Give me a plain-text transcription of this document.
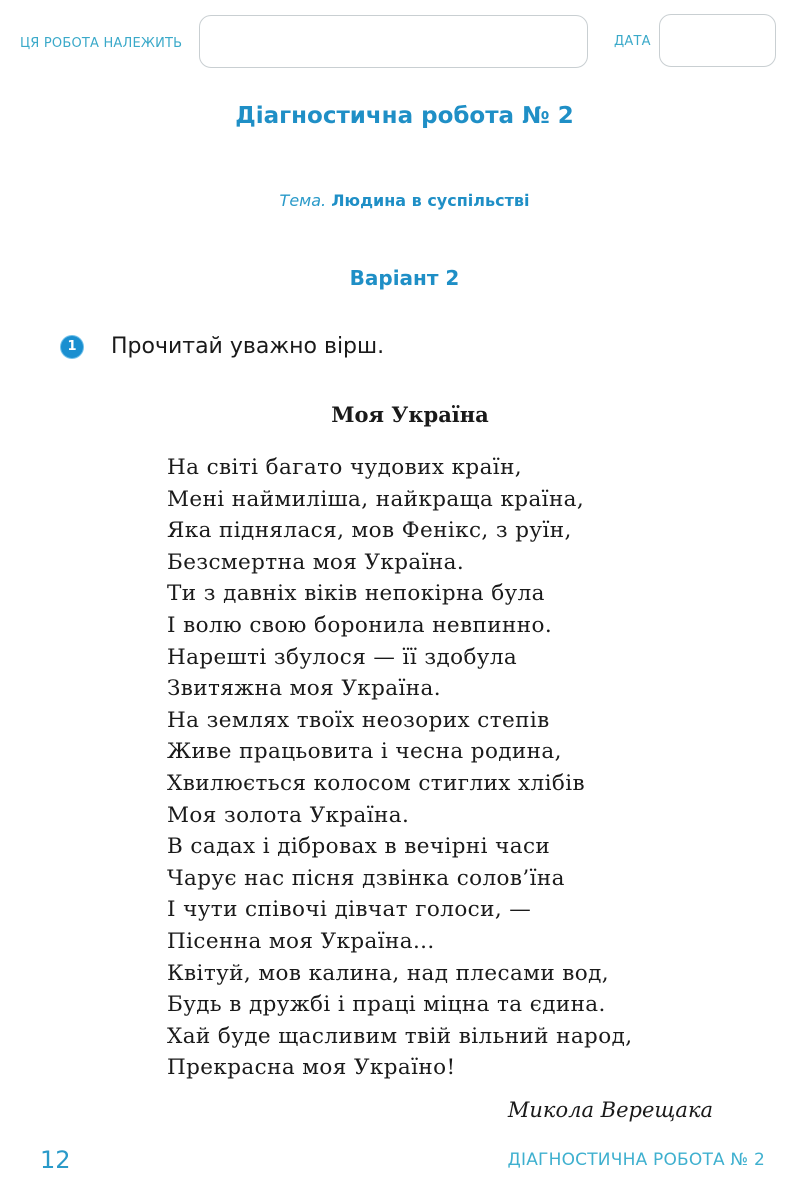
ЦЯ РОБОТА НАЛЕЖИТЬ	ДАТА
Діагностична робота № 2
Тема. Людина в суспільстві
Варіант 2
1 Прочитай уважно вірш.
Моя Україна
На світі багато чудових країн,
Мені наймиліша, найкраща країна,
Яка піднялася, мов Фенікс, з руїн,
Безсмертна моя Україна.
Ти з давніх віків непокірна була
І волю свою боронила невпинно.
Нарешті збулося — її здобула
Звитяжна моя Україна.
На землях твоїх неозорих степів
Живе працьовита і чесна родина,
Хвилюється колосом стиглих хлібів
Моя золота Україна.
В садах і дібровах в вечірні часи
Чарує нас пісня дзвінка солов’їна
І чути співочі дівчат голоси, —
Пісенна моя Україна...
Квітуй, мов калина, над плесами вод,
Будь в дружбі і праці міцна та єдина.
Хай буде щасливим твій вільний народ,
Прекрасна моя Україно!
Микола Верещака
12	ДІАГНОСТИЧНА РОБОТА № 2
